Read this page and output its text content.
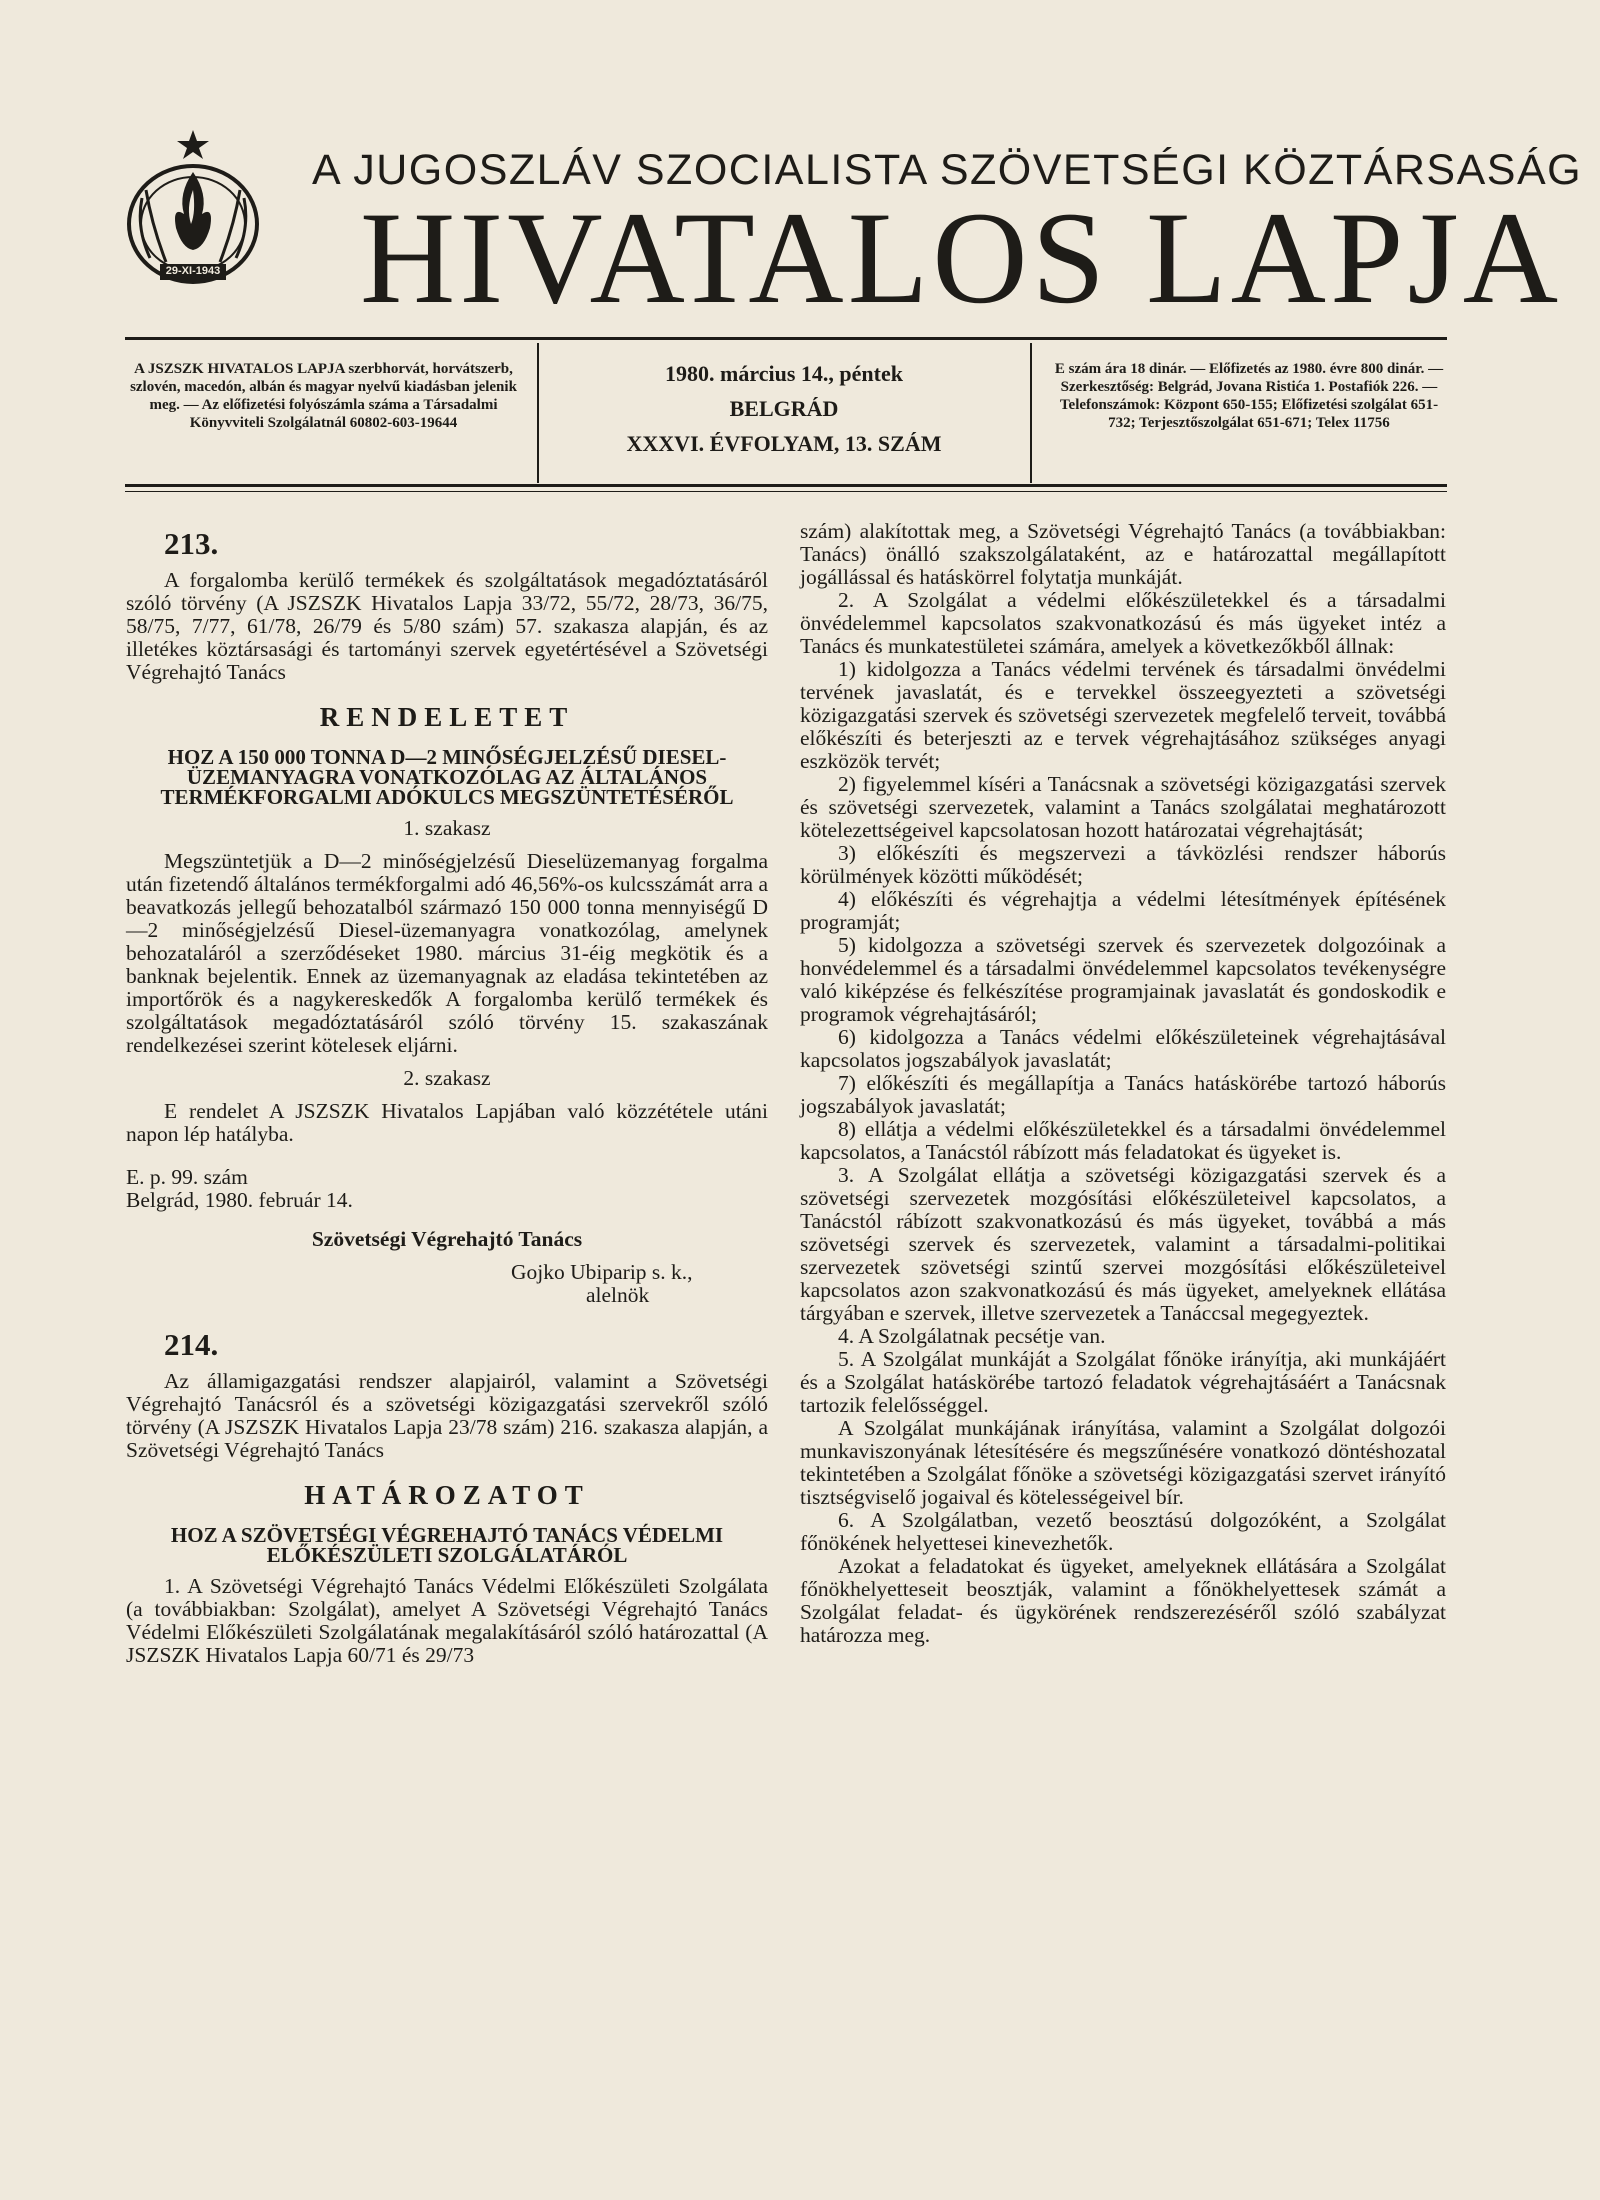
29-XI-1943
A JUGOSZLÁV SZOCIALISTA SZÖVETSÉGI KÖZTÁRSASÁG
HIVATALOS LAPJA
A JSZSZK HIVATALOS LAPJA szerbhorvát, horvátszerb, szlovén, macedón, albán és magyar nyelvű kiadásban jelenik meg. — Az előfizetési folyószámla száma a Társadalmi Könyvviteli Szolgálatnál 60802-603-19644
1980. március 14., péntek
BELGRÁD
XXXVI. ÉVFOLYAM, 13. SZÁM
E szám ára 18 dinár. — Előfizetés az 1980. évre 800 dinár. — Szerkesztőség: Belgrád, Jovana Ristića 1. Postafiók 226. — Telefonszámok: Központ 650-155; Előfizetési szolgálat 651-732; Terjesztőszolgálat 651-671; Telex 11756
213.

A forgalomba kerülő termékek és szolgáltatások megadóztatásáról szóló törvény (A JSZSZK Hivatalos Lapja 33/72, 55/72, 28/73, 36/75, 58/75, 7/77, 61/78, 26/79 és 5/80 szám) 57. szakasza alapján, és az illetékes köztársasági és tartományi szervek egyetértésével a Szövetségi Végrehajtó Tanács

RENDELETET
HOZ A 150 000 TONNA D—2 MINŐSÉGJELZÉSŰ DIESEL-ÜZEMANYAGRA VONATKOZÓLAG AZ ÁLTALÁNOS TERMÉKFORGALMI ADÓKULCS MEGSZÜNTETÉSÉRŐL
1. szakasz

Megszüntetjük a D—2 minőségjelzésű Dieselüzemanyag forgalma után fizetendő általános termékforgalmi adó 46,56%-os kulcsszámát arra a beavatkozás jellegű behozatalból származó 150 000 tonna mennyiségű D—2 minőségjelzésű Diesel-üzemanyagra vonatkozólag, amelynek behozataláról a szerződéseket 1980. március 31-éig megkötik és a banknak bejelentik. Ennek az üzemanyagnak az eladása tekintetében az importőrök és a nagykereskedők A forgalomba kerülő termékek és szolgáltatások megadóztatásáról szóló törvény 15. szakaszának rendelkezései szerint kötelesek eljárni.

2. szakasz

E rendelet A JSZSZK Hivatalos Lapjában való közzététele utáni napon lép hatályba.

E. p. 99. szám
Belgrád, 1980. február 14.
Szövetségi Végrehajtó Tanács
Gojko Ubiparip s. k.,
alelnök
214.

Az államigazgatási rendszer alapjairól, valamint a Szövetségi Végrehajtó Tanácsról és a szövetségi közigazgatási szervekről szóló törvény (A JSZSZK Hivatalos Lapja 23/78 szám) 216. szakasza alapján, a Szövetségi Végrehajtó Tanács

HATÁROZATOT
HOZ A SZÖVETSÉGI VÉGREHAJTÓ TANÁCS VÉDELMI ELŐKÉSZÜLETI SZOLGÁLATÁRÓL

1. A Szövetségi Végrehajtó Tanács Védelmi Előkészületi Szolgálata (a továbbiakban: Szolgálat), amelyet A Szövetségi Végrehajtó Tanács Védelmi Előkészületi Szolgálatának megalakításáról szóló határozattal (A JSZSZK Hivatalos Lapja 60/71 és 29/73

szám) alakítottak meg, a Szövetségi Végrehajtó Tanács (a továbbiakban: Tanács) önálló szakszolgálataként, az e határozattal megállapított jogállással és hatáskörrel folytatja munkáját.

2. A Szolgálat a védelmi előkészületekkel és a társadalmi önvédelemmel kapcsolatos szakvonatkozású és más ügyeket intéz a Tanács és munkatestületei számára, amelyek a következőkből állnak:

1) kidolgozza a Tanács védelmi tervének és társadalmi önvédelmi tervének javaslatát, és e tervekkel összeegyezteti a szövetségi közigazgatási szervek és szövetségi szervezetek megfelelő terveit, továbbá előkészíti és beterjeszti az e tervek végrehajtásához szükséges anyagi eszközök tervét;

2) figyelemmel kíséri a Tanácsnak a szövetségi közigazgatási szervek és szövetségi szervezetek, valamint a Tanács szolgálatai meghatározott kötelezettségeivel kapcsolatosan hozott határozatai végrehajtását;

3) előkészíti és megszervezi a távközlési rendszer háborús körülmények közötti működését;

4) előkészíti és végrehajtja a védelmi létesítmények építésének programját;

5) kidolgozza a szövetségi szervek és szervezetek dolgozóinak a honvédelemmel és a társadalmi önvédelemmel kapcsolatos tevékenységre való kiképzése és felkészítése programjainak javaslatát és gondoskodik e programok végrehajtásáról;

6) kidolgozza a Tanács védelmi előkészületeinek végrehajtásával kapcsolatos jogszabályok javaslatát;

7) előkészíti és megállapítja a Tanács hatáskörébe tartozó háborús jogszabályok javaslatát;

8) ellátja a védelmi előkészületekkel és a társadalmi önvédelemmel kapcsolatos, a Tanácstól rábízott más feladatokat és ügyeket is.

3. A Szolgálat ellátja a szövetségi közigazgatási szervek és a szövetségi szervezetek mozgósítási előkészületeivel kapcsolatos, a Tanácstól rábízott szakvonatkozású és más ügyeket, továbbá a más szövetségi szervek és szervezetek, valamint a társadalmi-politikai szervezetek szövetségi szintű szervei mozgósítási előkészületeivel kapcsolatos azon szakvonatkozású és más ügyeket, amelyeknek ellátása tárgyában e szervek, illetve szervezetek a Tanáccsal megegyeztek.

4. A Szolgálatnak pecsétje van.

5. A Szolgálat munkáját a Szolgálat főnöke irányítja, aki munkájáért és a Szolgálat hatáskörébe tartozó feladatok végrehajtásáért a Tanácsnak tartozik felelősséggel.

A Szolgálat munkájának irányítása, valamint a Szolgálat dolgozói munkaviszonyának létesítésére és megszűnésére vonatkozó döntéshozatal tekintetében a Szolgálat főnöke a szövetségi közigazgatási szervet irányító tisztségviselő jogaival és kötelességeivel bír.

6. A Szolgálatban, vezető beosztású dolgozóként, a Szolgálat főnökének helyettesei kinevezhetők.

Azokat a feladatokat és ügyeket, amelyeknek ellátására a Szolgálat főnökhelyetteseit beosztják, valamint a főnökhelyettesek számát a Szolgálat feladat- és ügykörének rendszerezéséről szóló szabályzat határozza meg.
